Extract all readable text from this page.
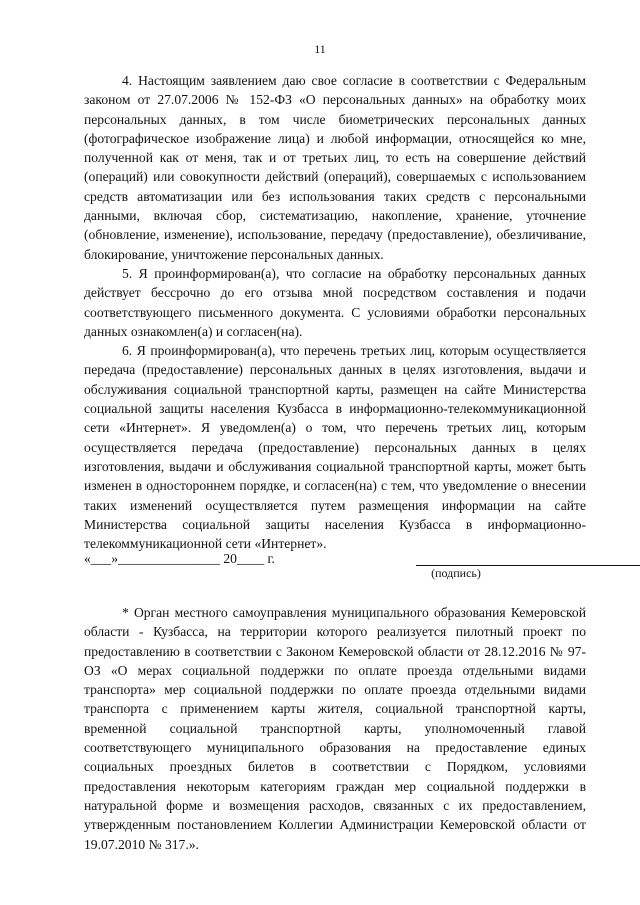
11

4. Настоящим заявлением даю свое согласие в соответствии с Федеральным законом от 27.07.2006 № 152-ФЗ «О персональных данных» на обработку моих персональных данных, в том числе биометрических персональных данных (фотографическое изображение лица) и любой информации, относящейся ко мне, полученной как от меня, так и от третьих лиц, то есть на совершение действий (операций) или совокупности действий (операций), совершаемых с использованием средств автоматизации или без использования таких средств с персональными данными, включая сбор, систематизацию, накопление, хранение, уточнение (обновление, изменение), использование, передачу (предоставление), обезличивание, блокирование, уничтожение персональных данных.

5. Я проинформирован(а), что согласие на обработку персональных данных действует бессрочно до его отзыва мной посредством составления и подачи соответствующего письменного документа. С условиями обработки персональных данных ознакомлен(а) и согласен(на).

6. Я проинформирован(а), что перечень третьих лиц, которым осуществляется передача (предоставление) персональных данных в целях изготовления, выдачи и обслуживания социальной транспортной карты, размещен на сайте Министерства социальной защиты населения Кузбасса в информационно-телекоммуникационной сети «Интернет». Я уведомлен(а) о том, что перечень третьих лиц, которым осуществляется передача (предоставление) персональных данных в целях изготовления, выдачи и обслуживания социальной транспортной карты, может быть изменен в одностороннем порядке, и согласен(на) с тем, что уведомление о внесении таких изменений осуществляется путем размещения информации на сайте Министерства социальной защиты населения Кузбасса в информационно-телекоммуникационной сети «Интернет».

«___»_______________ 20____ г.
(подпись)

* Орган местного самоуправления муниципального образования Кемеровской области - Кузбасса, на территории которого реализуется пилотный проект по предоставлению в соответствии с Законом Кемеровской области от 28.12.2016 № 97-ОЗ «О мерах социальной поддержки по оплате проезда отдельными видами транспорта» мер социальной поддержки по оплате проезда отдельными видами транспорта с применением карты жителя, социальной транспортной карты, временной социальной транспортной карты, уполномоченный главой соответствующего муниципального образования на предоставление единых социальных проездных билетов в соответствии с Порядком, условиями предоставления некоторым категориям граждан мер социальной поддержки в натуральной форме и возмещения расходов, связанных с их предоставлением, утвержденным постановлением Коллегии Администрации Кемеровской области от 19.07.2010 № 317.».
